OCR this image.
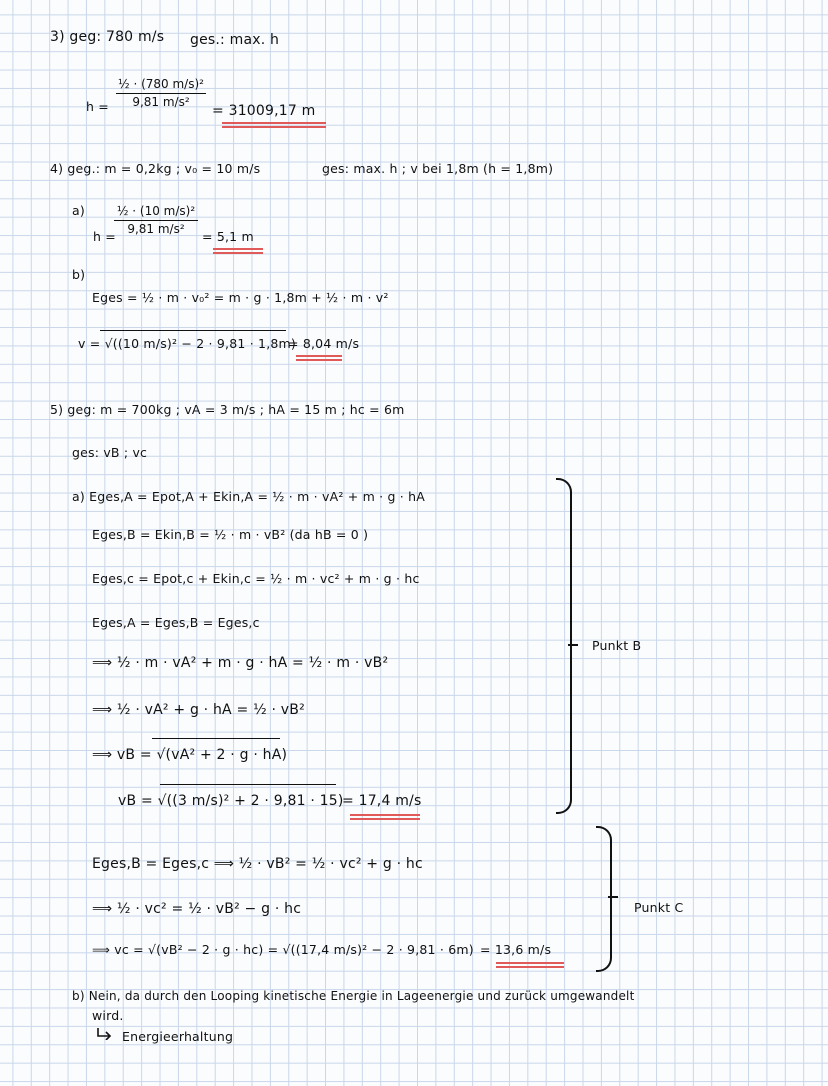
3) geg: 780 m/s ges.: max. h
h =
½ · (780 m/s)²
9,81 m/s²
= 31009,17 m
4) geg.: m = 0,2kg ; v₀ = 10 m/s	ges: max. h ; v bei 1,8m (h = 1,8m)
a)
h =
½ · (10 m/s)²
9,81 m/s²	= 5,1 m
b)
Eges = ½ · m · v₀² = m · g · 1,8m + ½ · m · v²
v = √((10 m/s)² − 2 · 9,81 · 1,8m)
= 8,04 m/s
5) geg: m = 700kg ; vA = 3 m/s ; hA = 15 m ; hc = 6m
ges: vB ; vc
a) Eges,A = Epot,A + Ekin,A = ½ · m · vA² + m · g · hA
Eges,B = Ekin,B = ½ · m · vB² (da hB = 0 )
Eges,c = Epot,c + Ekin,c = ½ · m · vc² + m · g · hc
Eges,A = Eges,B = Eges,c
⟹ ½ · m · vA² + m · g · hA = ½ · m · vB²
⟹ ½ · vA² + g · hA = ½ · vB²
⟹ vB = √(vA² + 2 · g · hA)
vB = √((3 m/s)² + 2 · 9,81 · 15)
= 17,4 m/s
Punkt B
Eges,B = Eges,c ⟹ ½ · vB² = ½ · vc² + g · hc
⟹ ½ · vc² = ½ · vB² − g · hc
⟹ vc = √(vB² − 2 · g · hc) = √((17,4 m/s)² − 2 · 9,81 · 6m) = 13,6 m/s
Punkt C
b) Nein, da durch den Looping kinetische Energie in Lageenergie und zurück umgewandelt
wird.
Energieerhaltung
